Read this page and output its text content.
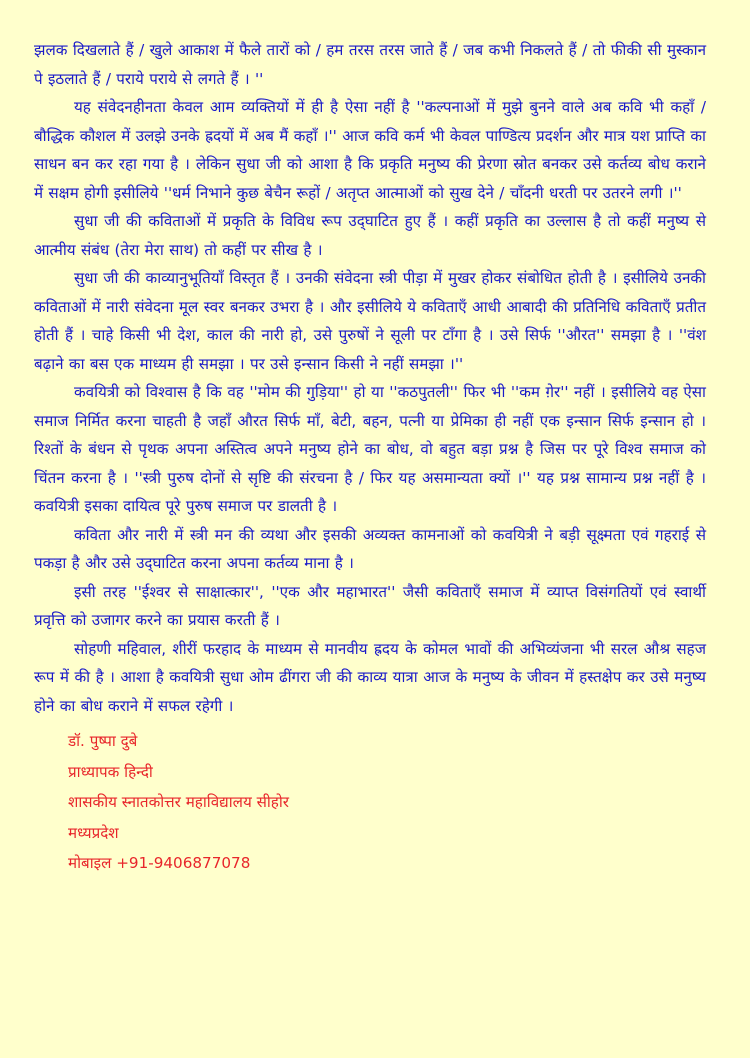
झलक दिखलाते हैं / खुले आकाश में फैले तारों को / हम तरस तरस जाते हैं / जब कभी निकलते हैं / तो फीकी सी मुस्कान पे इठलाते हैं / पराये पराये से लगते हैं । ''

यह संवेदनहीनता केवल आम व्यक्तियों में ही है ऐसा नहीं है ''कल्पनाओं में मुझे बुनने वाले अब कवि भी कहाँ / बौद्धिक कौशल में उलझे उनके ह्रदयों में अब मैं कहाँ ।'' आज कवि कर्म भी केवल पाण्डित्य प्रदर्शन और मात्र यश प्राप्ति का साधन बन कर रहा गया है । लेकिन सुधा जी को आशा है कि प्रकृति मनुष्य की प्रेरणा स्रोत बनकर उसे कर्तव्य बोध कराने में सक्षम होगी इसीलिये ''धर्म निभाने कुछ बेचैन रूहों / अतृप्त आत्माओं को सुख देने / चाँदनी धरती पर उतरने लगी ।''

सुधा जी की कविताओं में प्रकृति के विविध रूप उद्‌घाटित हुए हैं । कहीं प्रकृति का उल्लास है तो कहीं मनुष्य से आत्मीय संबंध (तेरा मेरा साथ) तो कहीं पर सीख है ।

सुधा जी की काव्यानुभूतियाँ विस्तृत हैं । उनकी संवेदना स्त्री पीड़ा में मुखर होकर संबोधित होती है । इसीलिये उनकी कविताओं में नारी संवेदना मूल स्वर बनकर उभरा है । और इसीलिये ये कविताएँ आधी आबादी की प्रतिनिधि कविताएँ प्रतीत होती हैं । चाहे किसी भी देश, काल की नारी हो, उसे पुरुषों ने सूली पर टाँगा है । उसे सिर्फ ''औरत'' समझा है । ''वंश बढ़ाने का बस एक माध्यम ही समझा । पर उसे इन्सान किसी ने नहीं समझा ।''

कवयित्री को विश्वास है कि वह ''मोम की गुड़िया'' हो या ''कठपुतली'' फिर भी ''कम ग़ेर'' नहीं । इसीलिये वह ऐसा समाज निर्मित करना चाहती है जहाँ औरत सिर्फ माँ, बेटी, बहन, पत्नी या प्रेमिका ही नहीं एक इन्सान सिर्फ इन्सान हो । रिश्तों के बंधन से पृथक अपना अस्तित्व अपने मनुष्य होने का बोध, वो बहुत बड़ा प्रश्न है जिस पर पूरे विश्व समाज को चिंतन करना है । ''स्त्री पुरुष दोनों से सृष्टि की संरचना है / फिर यह असमान्यता क्यों ।'' यह प्रश्न सामान्य प्रश्न नहीं है । कवयित्री इसका दायित्व पूरे पुरुष समाज पर डालती है ।

कविता और नारी में स्त्री मन की व्यथा और इसकी अव्यक्त कामनाओं को कवयित्री ने बड़ी सूक्ष्मता एवं गहराई से पकड़ा है और उसे उद्‌घाटित करना अपना कर्तव्य माना है ।

इसी तरह ''ईश्वर से साक्षात्कार'', ''एक और महाभारत'' जैसी कविताएँ समाज में व्याप्त विसंगतियों एवं स्वार्थी प्रवृत्ति को उजागर करने का प्रयास करती हैं ।

सोहणी महिवाल, शीरीं फरहाद के माध्यम से मानवीय ह्रदय के कोमल भावों की अभिव्यंजना भी सरल औश्र सहज रूप में की है । आशा है कवयित्री सुधा ओम ढींगरा जी की काव्य यात्रा आज के मनुष्य के जीवन में हस्तक्षेप कर उसे मनुष्य होने का बोध कराने में सफल रहेगी ।

डॉ. पुष्पा दुबे
प्राध्यापक हिन्दी
शासकीय स्नातकोत्तर महाविद्यालय सीहोर
मध्यप्रदेश
मोबाइल +91-9406877078
